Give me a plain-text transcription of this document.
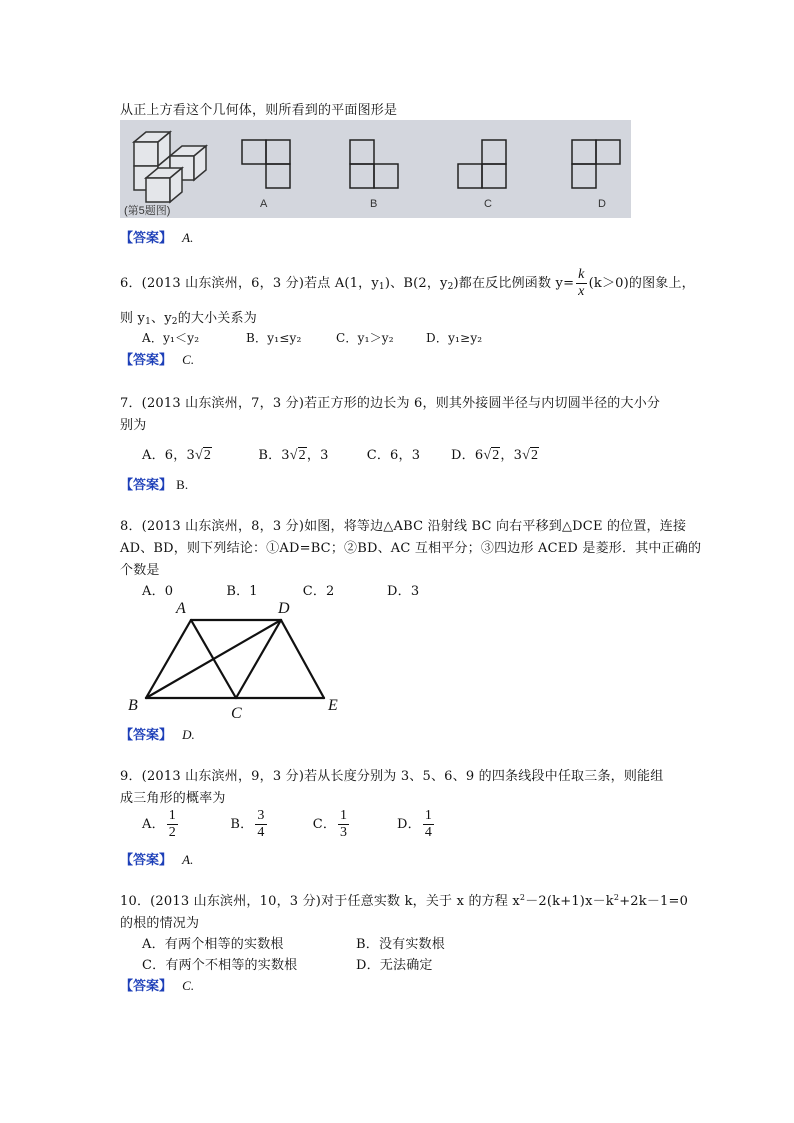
从正上方看这个几何体，则所看到的平面图形是
(第5题图)
A	B	C	D
【答案】 A.
6．(2013 山东滨州，6，3 分)若点 A(1，$y_1$)、B(2，$y_2$)都在反比例函数 $y= \frac{k}{x} (k>0)$的图象上，
则 $y_1$、$y_2$的大小关系为
A．y₁＜y₂	B．y₁≤y₂	C．y₁＞y₂	D．y₁≥y₂
【答案】 C.
7．(2013 山东滨州，7，3 分)若正方形的边长为 6，则其外接圆半径与内切圆半径的大小分
别为
A．6，3√2	B．3√2，3	C．6，3 D．6√2，3√2
【答案】 B.
8．(2013 山东滨州，8，3 分)如图，将等边△ABC 沿射线 BC 向右平移到△DCE 的位置，连接
AD、BD，则下列结论：①AD=BC；②BD、AC 互相平分；③四边形 ACED 是菱形．其中正确的
个数是
A．0	B．1	C．2	D．3
A	D
B	C	E
【答案】 D.
9．(2013 山东滨州，9，3 分)若从长度分别为 3、5、6、9 的四条线段中任取三条，则能组
成三角形的概率为
A． $\frac{1}{2}$	B． $\frac{3}{4}$	C． $\frac{1}{3}$	D． $\frac{1}{4}$
【答案】 A.
10．(2013 山东滨州，10，3 分)对于任意实数 k，关于 x 的方程 $x^2-2(k+1)x-k^2+2k-1=0$
的根的情况为
A．有两个相等的实数根	B．没有实数根
C．有两个不相等的实数根	D．无法确定
【答案】 C.
